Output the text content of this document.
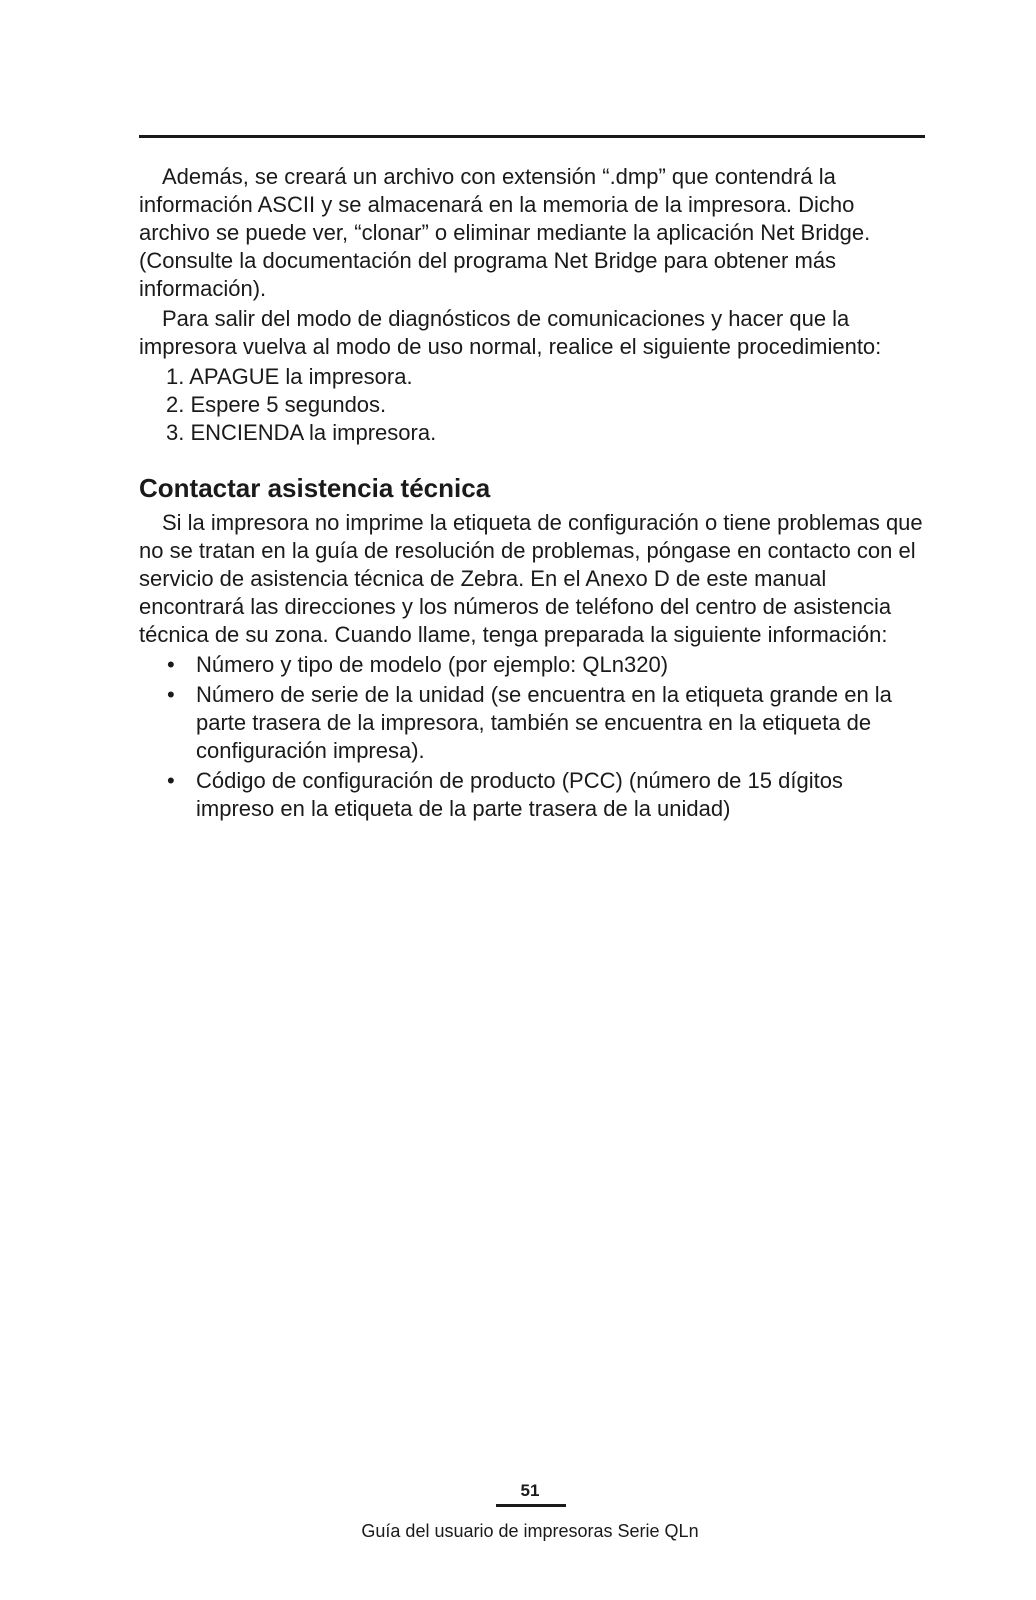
Además, se creará un archivo con extensión “.dmp” que contendrá la información ASCII y se almacenará en la memoria de la impresora. Dicho archivo se puede ver, “clonar” o eliminar mediante la aplicación Net Bridge. (Consulte la documentación del programa Net Bridge para obtener más información).

Para salir del modo de diagnósticos de comunicaciones y hacer que la impresora vuelva al modo de uso normal, realice el siguiente procedimiento:

1. APAGUE la impresora.
2. Espere 5 segundos.
3. ENCIENDA la impresora.
Contactar asistencia técnica

Si la impresora no imprime la etiqueta de configuración o tiene problemas que no se tratan en la guía de resolución de problemas, póngase en contacto con el servicio de asistencia técnica de Zebra. En el Anexo D de este manual encontrará las direcciones y los números de teléfono del centro de asistencia técnica de su zona. Cuando llame, tenga preparada la siguiente información:

• Número y tipo de modelo (por ejemplo: QLn320)
• Número de serie de la unidad (se encuentra en la etiqueta grande en la parte trasera de la impresora, también se encuentra en la etiqueta de configuración impresa).
• Código de configuración de producto (PCC) (número de 15 dígitos impreso en la etiqueta de la parte trasera de la unidad)
51
Guía del usuario de impresoras Serie QLn
